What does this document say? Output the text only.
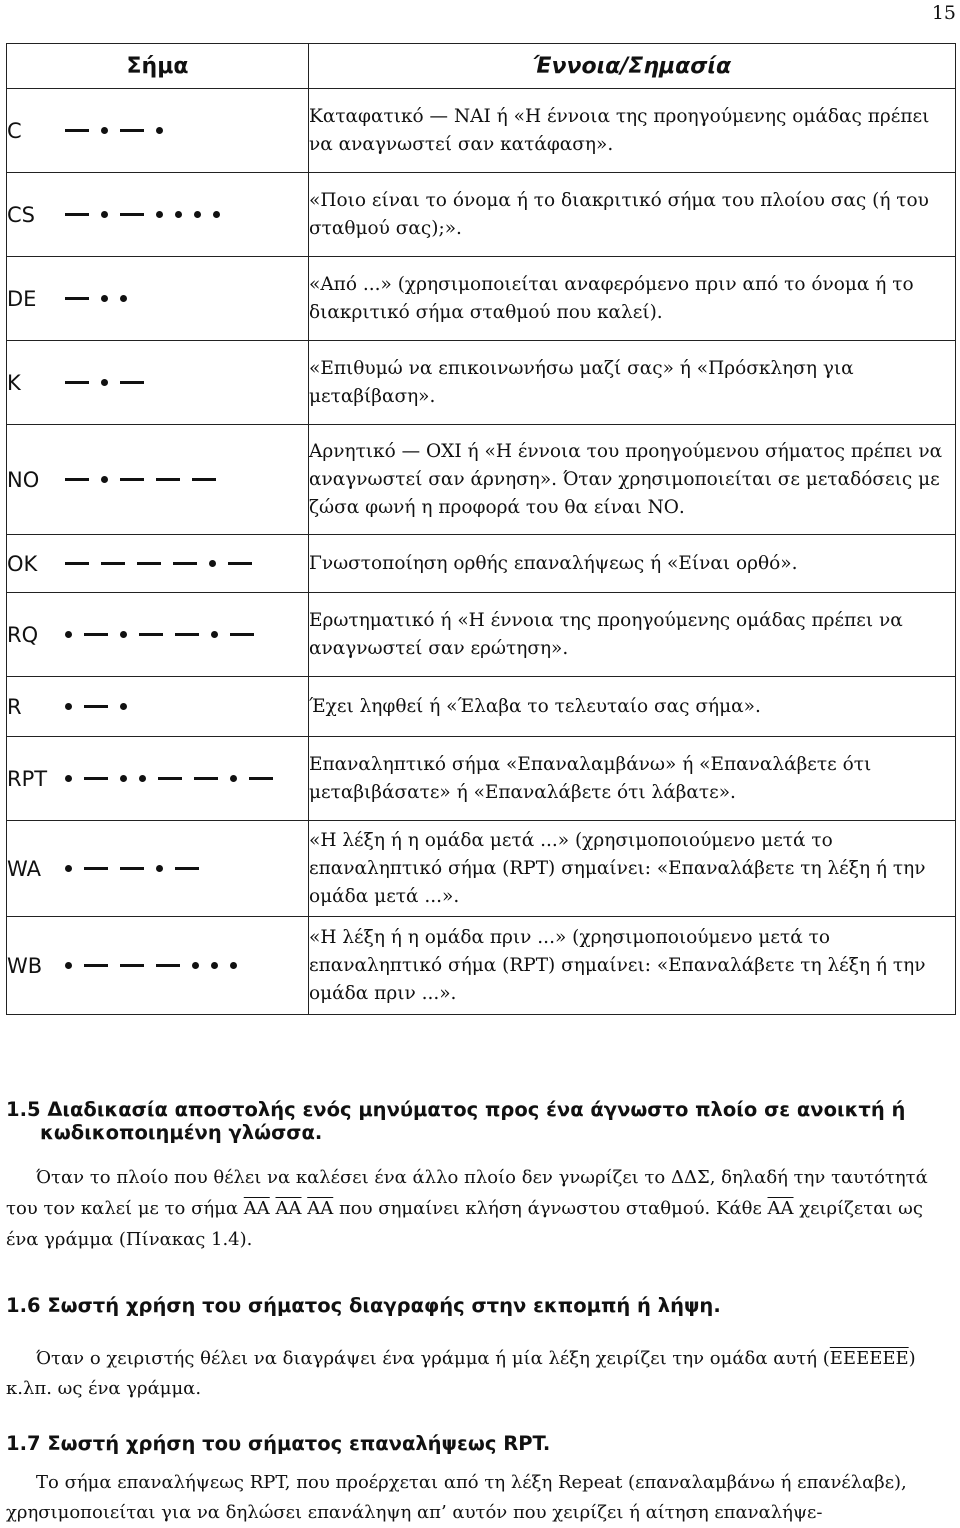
15
Σήμα	Έννοια/Σημασία

C	Καταφατικό — ΝΑΙ ή «Η έννοια της προηγούμενης ομάδας πρέπει να αναγνωστεί σαν κατάφαση».

CS	«Ποιο είναι το όνομα ή το διακριτικό σήμα του πλοίου σας (ή του σταθμού σας);».

DE	«Από ...» (χρησιμοποιείται αναφερόμενο πριν από το όνομα ή το διακριτικό σήμα σταθμού που καλεί).

K	«Επιθυμώ να επικοινωνήσω μαζί σας» ή «Πρόσκληση για μεταβίβαση».

NO	Αρνητικό — ΟΧΙ ή «Η έννοια του προηγούμενου σήματος πρέπει να αναγνωστεί σαν άρνηση». Όταν χρησιμοποιείται σε μεταδόσεις με ζώσα φωνή η προφορά του θα είναι ΝΟ.

OK	Γνωστοποίηση ορθής επαναλήψεως ή «Είναι ορθό».

RQ	Ερωτηματικό ή «Η έννοια της προηγούμενης ομάδας πρέπει να αναγνωστεί σαν ερώτηση».

R	Έχει ληφθεί ή «Έλαβα το τελευταίο σας σήμα».

RPT	Επαναληπτικό σήμα «Επαναλαμβάνω» ή «Επαναλάβετε ότι μεταβιβάσατε» ή «Επαναλάβετε ότι λάβατε».

WA	«Η λέξη ή η ομάδα μετά ...» (χρησιμοποιούμενο μετά το επαναληπτικό σήμα (RPT) σημαίνει: «Επαναλάβετε τη λέξη ή την ομάδα μετά ...».

WB	«Η λέξη ή η ομάδα πριν ...» (χρησιμοποιούμενο μετά το επαναληπτικό σήμα (RPT) σημαίνει: «Επαναλάβετε τη λέξη ή την ομάδα πριν ...».
1.5 Διαδικασία αποστολής ενός μηνύματος προς ένα άγνωστο πλοίο σε ανοικτή ή
κωδικοποιημένη γλώσσα.

Όταν το πλοίο που θέλει να καλέσει ένα άλλο πλοίο δεν γνωρίζει το ΔΔΣ, δηλαδή την ταυτότητά του τον καλεί με το σήμα $\overline{AA}$ $\overline{AA}$ $\overline{AA}$ που σημαίνει κλήση άγνωστου σταθμού. Κάθε $\overline{AA}$ χειρίζεται ως ένα γράμμα (Πίνακας 1.4).

1.6 Σωστή χρήση του σήματος διαγραφής στην εκπομπή ή λήψη.

Όταν ο χειριστής θέλει να διαγράψει ένα γράμμα ή μία λέξη χειρίζει την ομάδα αυτή (EEEEEE) κ.λπ. ως ένα γράμμα.

1.7 Σωστή χρήση του σήματος επαναλήψεως RPT.

Το σήμα επαναλήψεως RPT, που προέρχεται από τη λέξη Repeat (επαναλαμβάνω ή επανέλαβε), χρησιμοποιείται για να δηλώσει επανάληψη απ’ αυτόν που χειρίζει ή αίτηση επαναλήψε-
